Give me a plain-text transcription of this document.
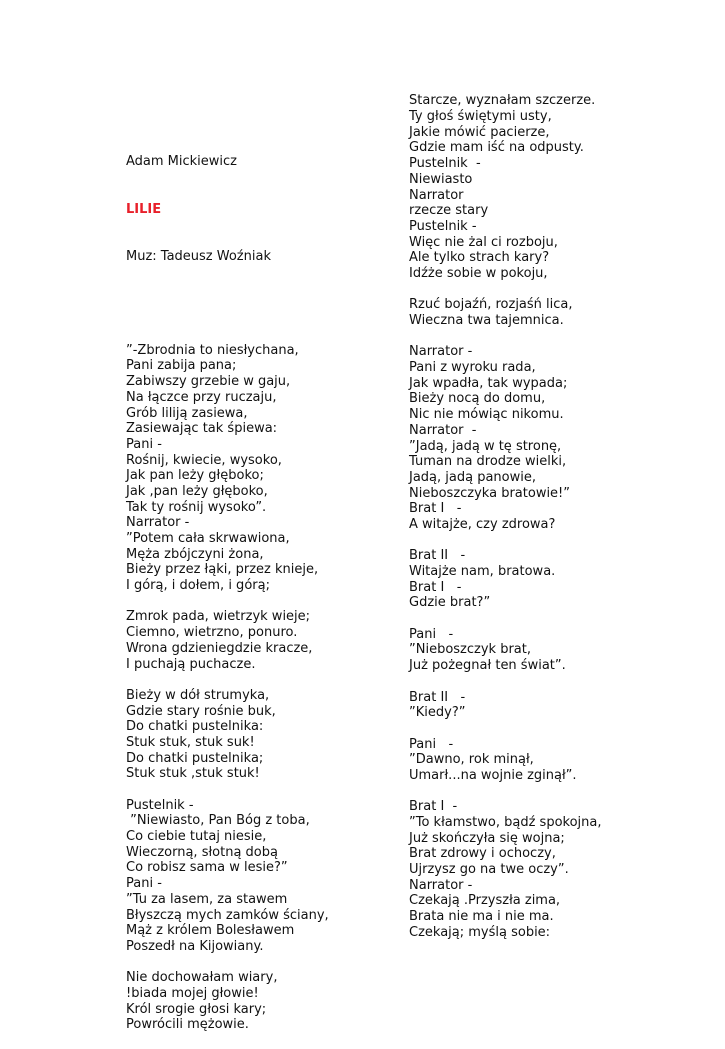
Adam Mickiewicz

LILIE

Muz: Tadeusz Woźniak

”-Zbrodnia to niesłychana,
Pani zabija pana;
Zabiwszy grzebie w gaju,
Na łączce przy ruczaju,
Grób liliją zasiewa,
Zasiewając tak śpiewa:
Pani -
Rośnij, kwiecie, wysoko,
Jak pan leży głęboko;
Jak ,pan leży głęboko,
Tak ty rośnij wysoko”.
Narrator -
”Potem cała skrwawiona,
Męża zbójczyni żona,
Bieży przez łąki, przez knieje,
I górą, i dołem, i górą;
Zmrok pada, wietrzyk wieje;
Ciemno, wietrzno, ponuro.
Wrona gdzieniegdzie kracze,
I puchają puchacze.
Bieży w dół strumyka,
Gdzie stary rośnie buk,
Do chatki pustelnika:
Stuk stuk, stuk suk!
Do chatki pustelnika;
Stuk stuk ,stuk stuk!
Pustelnik -
”Niewiasto, Pan Bóg z toba,
Co ciebie tutaj niesie,
Wieczorną, słotną dobą
Co robisz sama w lesie?”
Pani -
”Tu za lasem, za stawem
Błyszczą mych zamków ściany,
Mąż z królem Bolesławem
Poszedł na Kijowiany.
Nie dochowałam wiary,
!biada mojej głowie!
Król srogie głosi kary;
Powrócili mężowie.

Starcze, wyznałam szczerze.
Ty głoś świętymi usty,
Jakie mówić pacierze,
Gdzie mam iść na odpusty.
Pustelnik  -
Niewiasto
Narrator
rzecze stary
Pustelnik -
Więc nie żal ci rozboju,
Ale tylko strach kary?
Idźże sobie w pokoju,
Rzuć bojaźń, rozjaśń lica,
Wieczna twa tajemnica.
Narrator -
Pani z wyroku rada,
Jak wpadła, tak wypada;
Bieży nocą do domu,
Nic nie mówiąc nikomu.
Narrator  -
”Jadą, jadą w tę stronę,
Tuman na drodze wielki,
Jadą, jadą panowie,
Nieboszczyka bratowie!”
Brat I   -
A witajże, czy zdrowa?
Brat II   -
Witajże nam, bratowa.
Brat I   -
Gdzie brat?”
Pani   -
”Nieboszczyk brat,
Już pożegnał ten świat”.
Brat II   -
”Kiedy?”
Pani   -
”Dawno, rok minął,
Umarł...na wojnie zginął”.
Brat I  -
”To kłamstwo, bądź spokojna,
Już skończyła się wojna;
Brat zdrowy i ochoczy,
Ujrzysz go na twe oczy”.
Narrator -
Czekają .Przyszła zima,
Brata nie ma i nie ma.
Czekają; myślą sobie:
